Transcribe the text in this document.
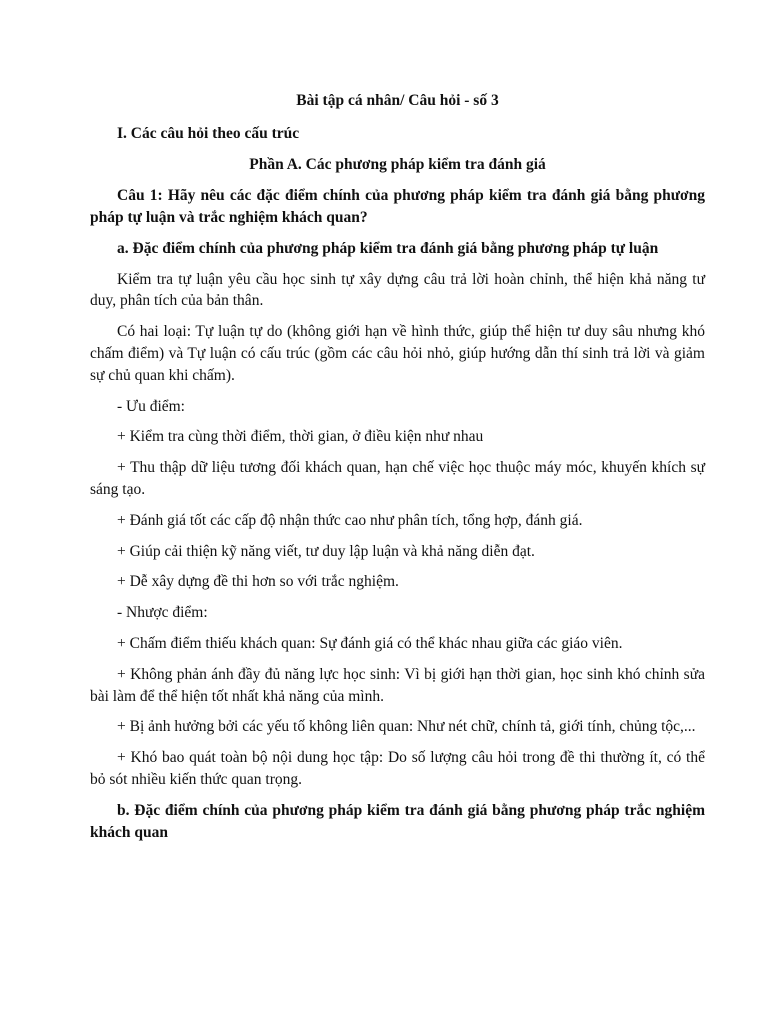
Bài tập cá nhân/ Câu hỏi - số 3
I. Các câu hỏi theo cấu trúc
Phần A. Các phương pháp kiểm tra đánh giá

Câu 1: Hãy nêu các đặc điểm chính của phương pháp kiểm tra đánh giá bằng phương pháp tự luận và trắc nghiệm khách quan?

a. Đặc điểm chính của phương pháp kiểm tra đánh giá bằng phương pháp tự luận

Kiểm tra tự luận yêu cầu học sinh tự xây dựng câu trả lời hoàn chỉnh, thể hiện khả năng tư duy, phân tích của bản thân.

Có hai loại: Tự luận tự do (không giới hạn về hình thức, giúp thể hiện tư duy sâu nhưng khó chấm điểm) và Tự luận có cấu trúc (gồm các câu hỏi nhỏ, giúp hướng dẫn thí sinh trả lời và giảm sự chủ quan khi chấm).

- Ưu điểm:

+ Kiểm tra cùng thời điểm, thời gian, ở điều kiện như nhau

+ Thu thập dữ liệu tương đối khách quan, hạn chế việc học thuộc máy móc, khuyến khích sự sáng tạo.

+ Đánh giá tốt các cấp độ nhận thức cao như phân tích, tổng hợp, đánh giá.

+ Giúp cải thiện kỹ năng viết, tư duy lập luận và khả năng diễn đạt.

+ Dễ xây dựng đề thi hơn so với trắc nghiệm.

- Nhược điểm:

+ Chấm điểm thiếu khách quan: Sự đánh giá có thể khác nhau giữa các giáo viên.

+ Không phản ánh đầy đủ năng lực học sinh: Vì bị giới hạn thời gian, học sinh khó chỉnh sửa bài làm để thể hiện tốt nhất khả năng của mình.

+ Bị ảnh hưởng bởi các yếu tố không liên quan: Như nét chữ, chính tả, giới tính, chủng tộc,...

+ Khó bao quát toàn bộ nội dung học tập: Do số lượng câu hỏi trong đề thi thường ít, có thể bỏ sót nhiều kiến thức quan trọng.

b. Đặc điểm chính của phương pháp kiểm tra đánh giá bằng phương pháp trắc nghiệm khách quan
